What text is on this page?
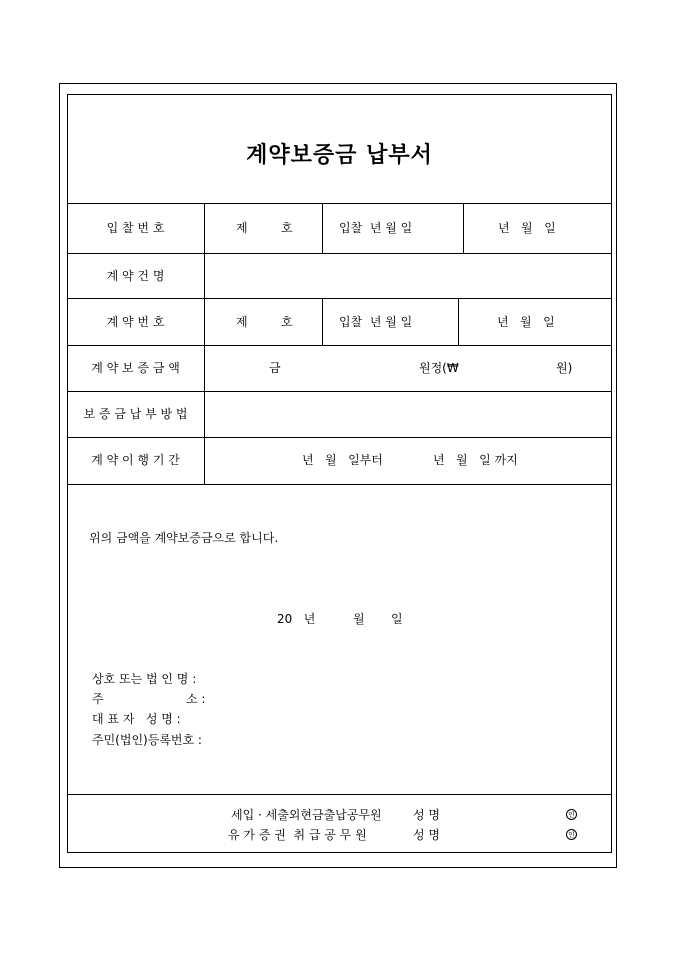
계약보증금 납부서
입 찰 번 호	제	호	입찰  년 월 일	년   월   일
계 약 건 명
계 약 번 호	제	호	입찰  년 월 일	년   월   일
계 약 보 증 금 액	금	원정(₩	원)
보 증 금 납 부 방 법
계 약 이 행 기 간	년   월   일부터	년   월   일 까지
위의 금액을 계약보증금으로 합니다.
20   년	월 일
상호 또는 법 인 명 :
주	소 :
대 표 자   성 명 :
주민(법인)등록번호 :
세입 · 세출외현금출납공무원	성 명	인
유 가 증 권  취 급 공 무 원	성 명	인
